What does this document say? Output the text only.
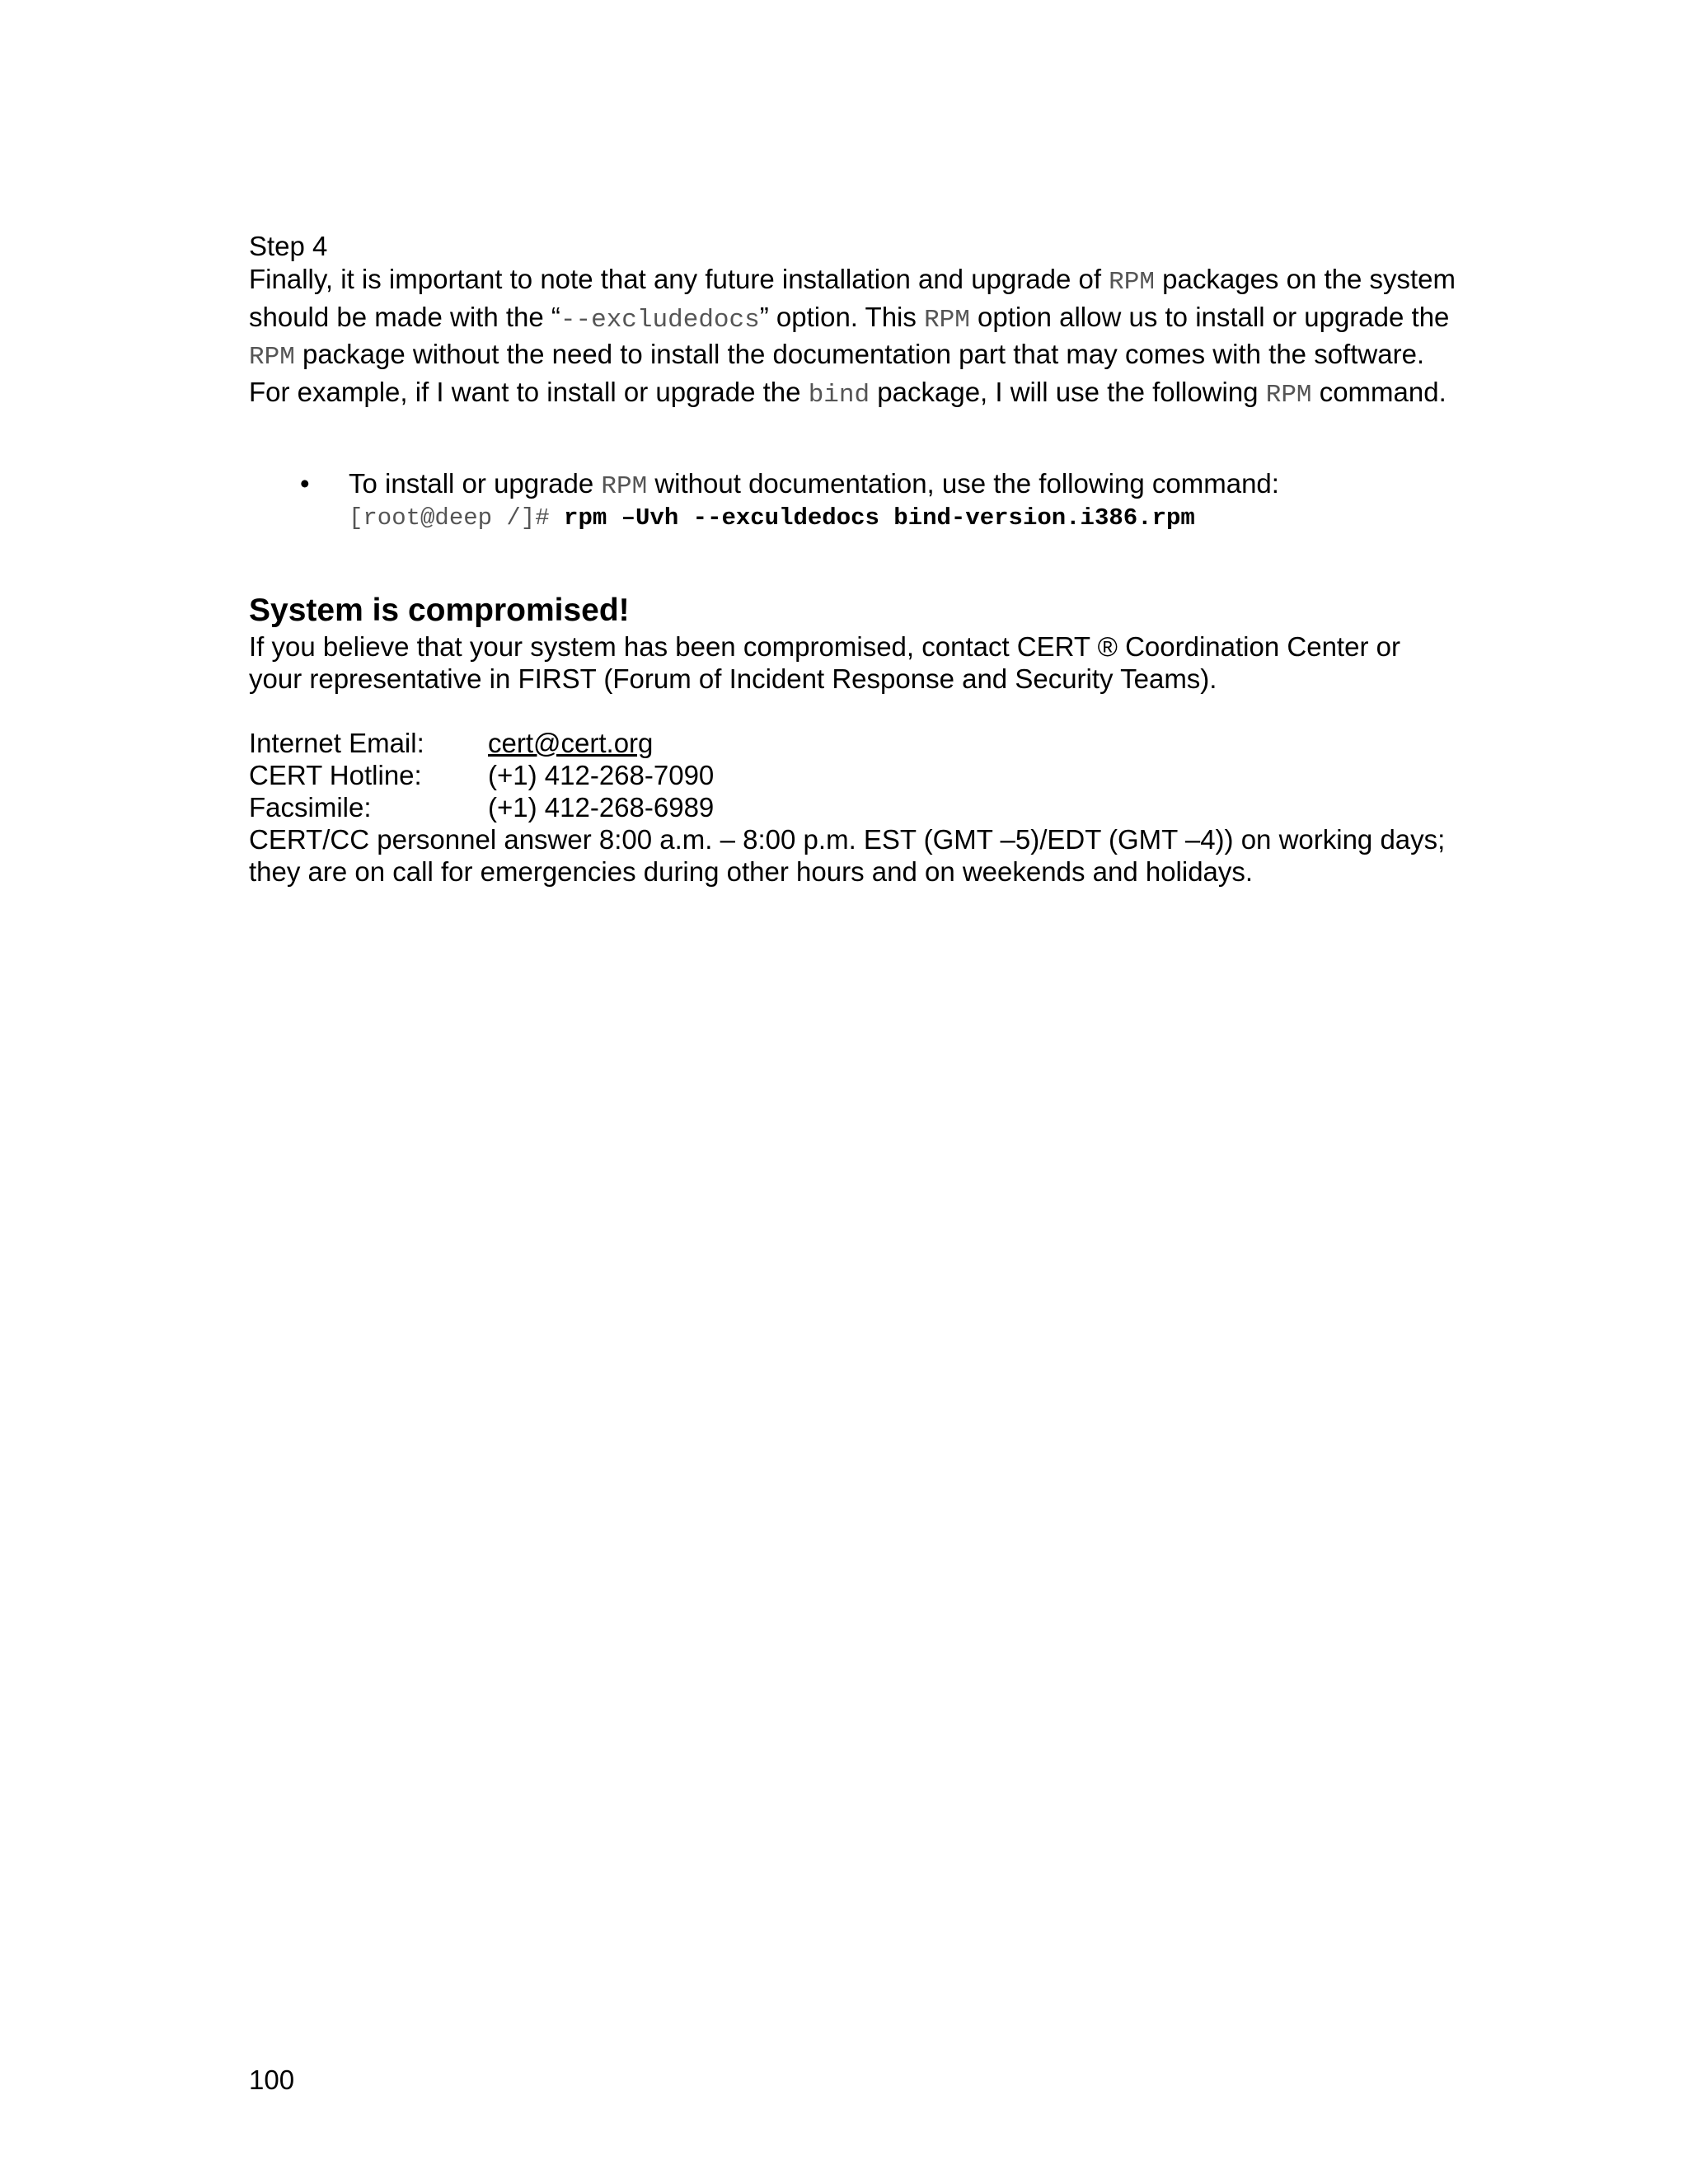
Step 4
Finally, it is important to note that any future installation and upgrade of RPM packages on the system should be made with the “--excludedocs” option. This RPM option allow us to install or upgrade the RPM package without the need to install the documentation part that may comes with the software. For example, if I want to install or upgrade the bind package, I will use the following RPM command.
• To install or upgrade RPM without documentation, use the following command:
[root@deep /]# rpm –Uvh --exculdedocs bind-version.i386.rpm
System is compromised!
If you believe that your system has been compromised, contact CERT ® Coordination Center or your representative in FIRST (Forum of Incident Response and Security Teams).
Internet Email: cert@cert.org
CERT Hotline: (+1) 412-268-7090
Facsimile:	(+1) 412-268-6989
CERT/CC personnel answer 8:00 a.m. – 8:00 p.m. EST (GMT –5)/EDT (GMT –4)) on working days; they are on call for emergencies during other hours and on weekends and holidays.
100
